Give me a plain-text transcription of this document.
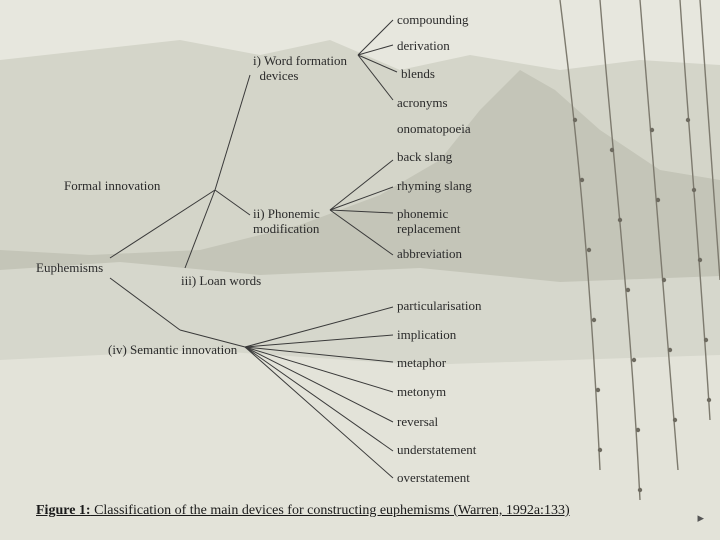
Euphemisms
Formal innovation
i) Word formation
devices
ii) Phonemic
modification
iii) Loan words
(iv) Semantic innovation
compounding
derivation
blends
acronyms
onomatopoeia
back slang
rhyming slang
phonemic
replacement
abbreviation
particularisation
implication
metaphor
metonym
reversal
understatement
overstatement
Figure 1: Classification of the main devices for constructing euphemisms (Warren, 1992a:133)	▸
